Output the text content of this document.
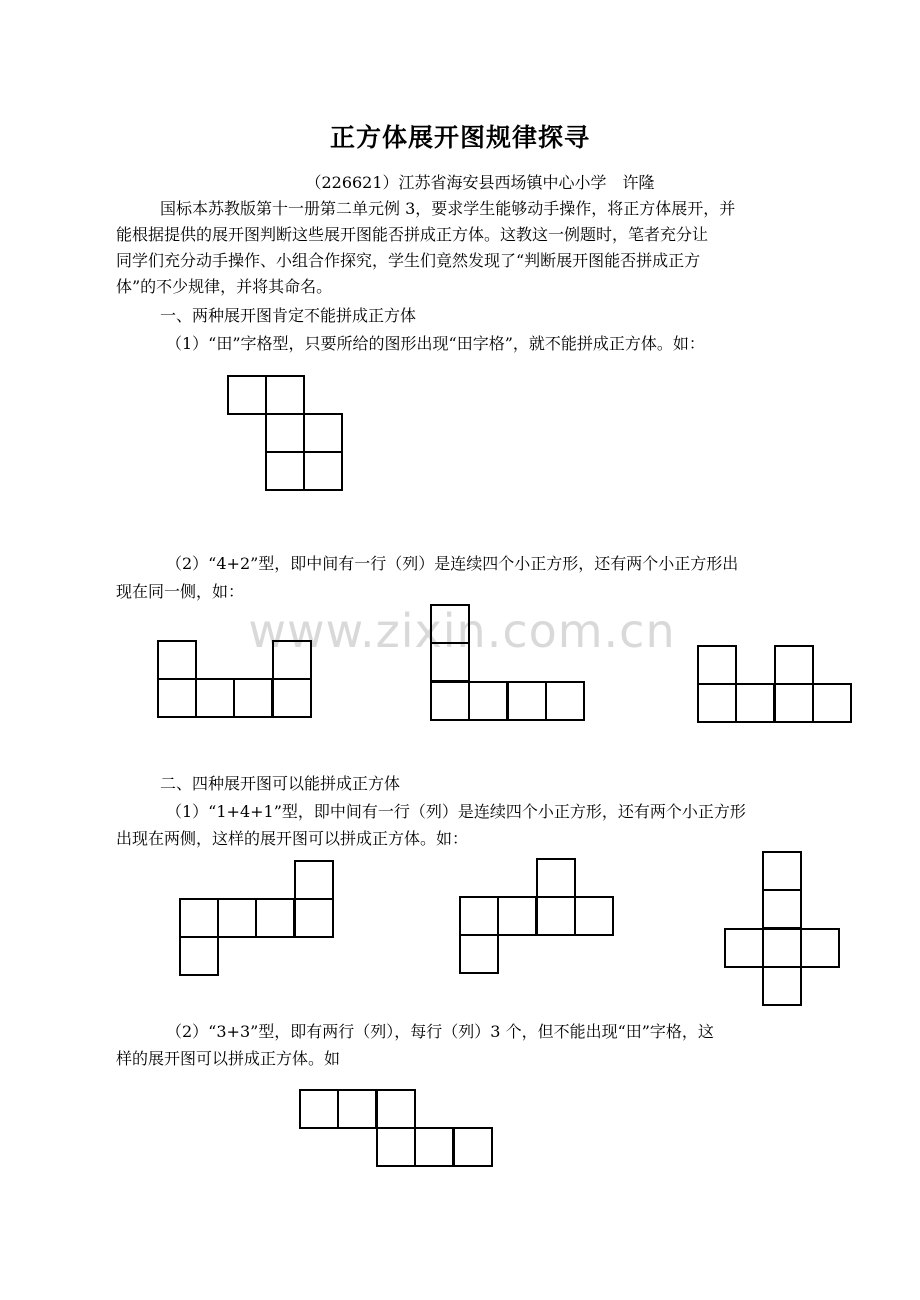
正方体展开图规律探寻
（226621）江苏省海安县西场镇中心小学　许隆
国标本苏教版第十一册第二单元例 3，要求学生能够动手操作，将正方体展开，并
能根据提供的展开图判断这些展开图能否拼成正方体。这教这一例题时，笔者充分让
同学们充分动手操作、小组合作探究，学生们竟然发现了“判断展开图能否拼成正方
体”的不少规律，并将其命名。
一、两种展开图肯定不能拼成正方体
（1）“田”字格型，只要所给的图形出现“田字格”，就不能拼成正方体。如：
（2）“4+2”型，即中间有一行（列）是连续四个小正方形，还有两个小正方形出
现在同一侧，如：
www.zixin.com.cn
二、四种展开图可以能拼成正方体
（1）“1+4+1”型，即中间有一行（列）是连续四个小正方形，还有两个小正方形
出现在两侧，这样的展开图可以拼成正方体。如：
（2）“3+3”型，即有两行（列），每行（列）3 个，但不能出现“田”字格，这
样的展开图可以拼成正方体。如
